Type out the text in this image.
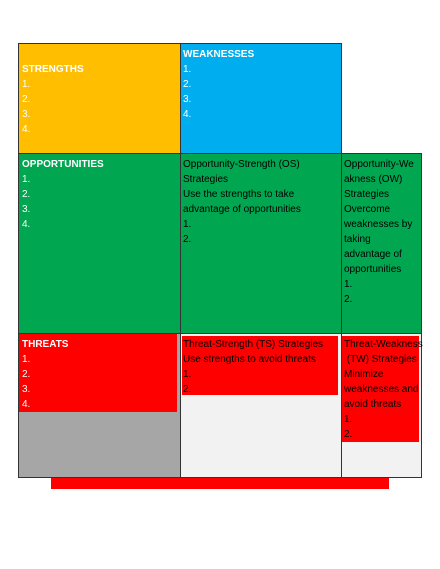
STRENGTHS
1.
2.
3.
4.
WEAKNESSES
1.
2.
3.
4.
OPPORTUNITIES
1.
2.
3.
4.
Opportunity-Strength (OS)
Strategies
Use the strengths to take
advantage of opportunities
1.
2.
Opportunity-We
akness (OW)
Strategies
Overcome
weaknesses by
taking
advantage of
opportunities
1.
2.
THREATS
1.
2.
3.
4.
Threat-Strength (TS) Strategies
Use strengths to avoid threats
1.
2.
Threat-Weakness
(TW) Strategies
Minimize
weaknesses and
avoid threats
1.
2.
